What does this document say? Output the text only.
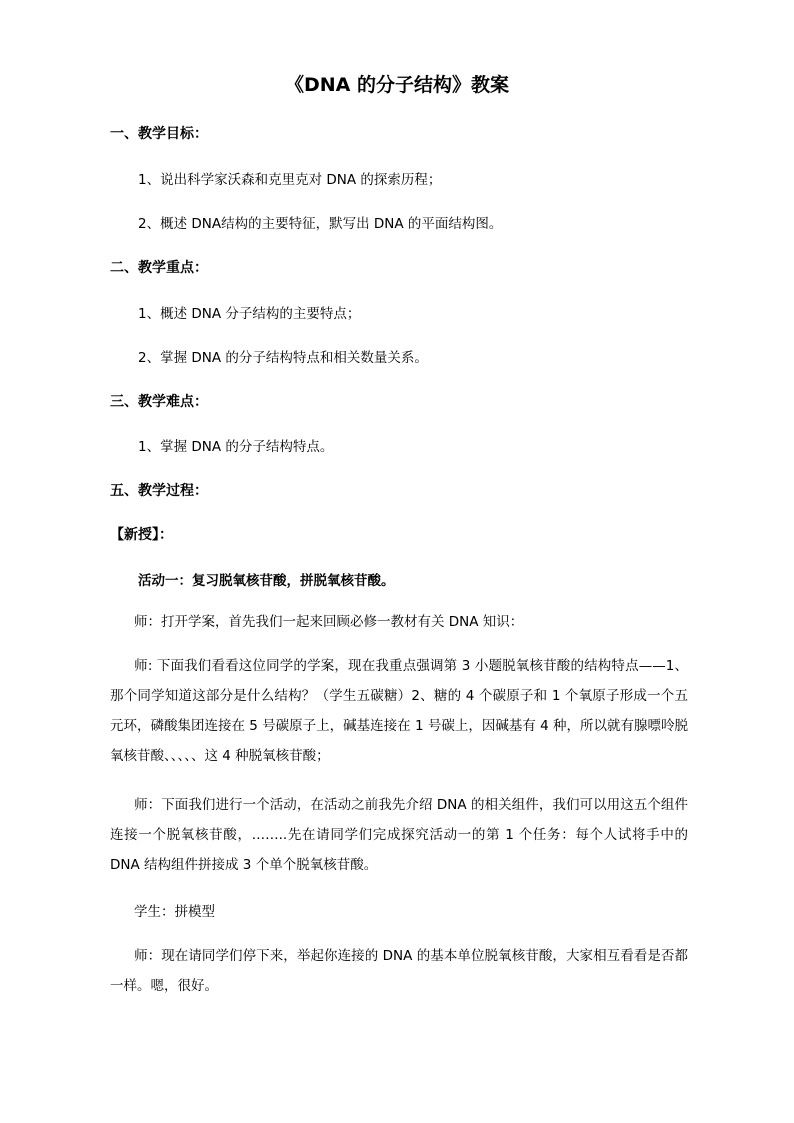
《DNA 的分子结构》教案
一、教学目标：
1、说出科学家沃森和克里克对 DNA 的探索历程；
2、概述 DNA结构的主要特征，默写出 DNA 的平面结构图。
二、教学重点：
1、概述 DNA 分子结构的主要特点；
2、掌握 DNA 的分子结构特点和相关数量关系。
三、教学难点：
1、掌握 DNA 的分子结构特点。
五、教学过程：
【新授】：
活动一：复习脱氧核苷酸，拼脱氧核苷酸。
师：打开学案，首先我们一起来回顾必修一教材有关 DNA 知识：
师: 下面我们看看这位同学的学案，现在我重点强调第 3 小题脱氧核苷酸的结构特点——1、那个同学知道这部分是什么结构？（学生五碳糖）2、糖的 4 个碳原子和 1 个氧原子形成一个五元环，磷酸集团连接在 5 号碳原子上，碱基连接在 1 号碳上，因碱基有 4 种，所以就有腺嘌呤脱氧核苷酸、、、、、这 4 种脱氧核苷酸；
师：下面我们进行一个活动，在活动之前我先介绍 DNA 的相关组件，我们可以用这五个组件连接一个脱氧核苷酸，……..先在请同学们完成探究活动一的第 1 个任务：每个人试将手中的 DNA 结构组件拼接成 3 个单个脱氧核苷酸。
学生：拼模型
师：现在请同学们停下来，举起你连接的 DNA 的基本单位脱氧核苷酸，大家相互看看是否都一样。嗯，很好。
